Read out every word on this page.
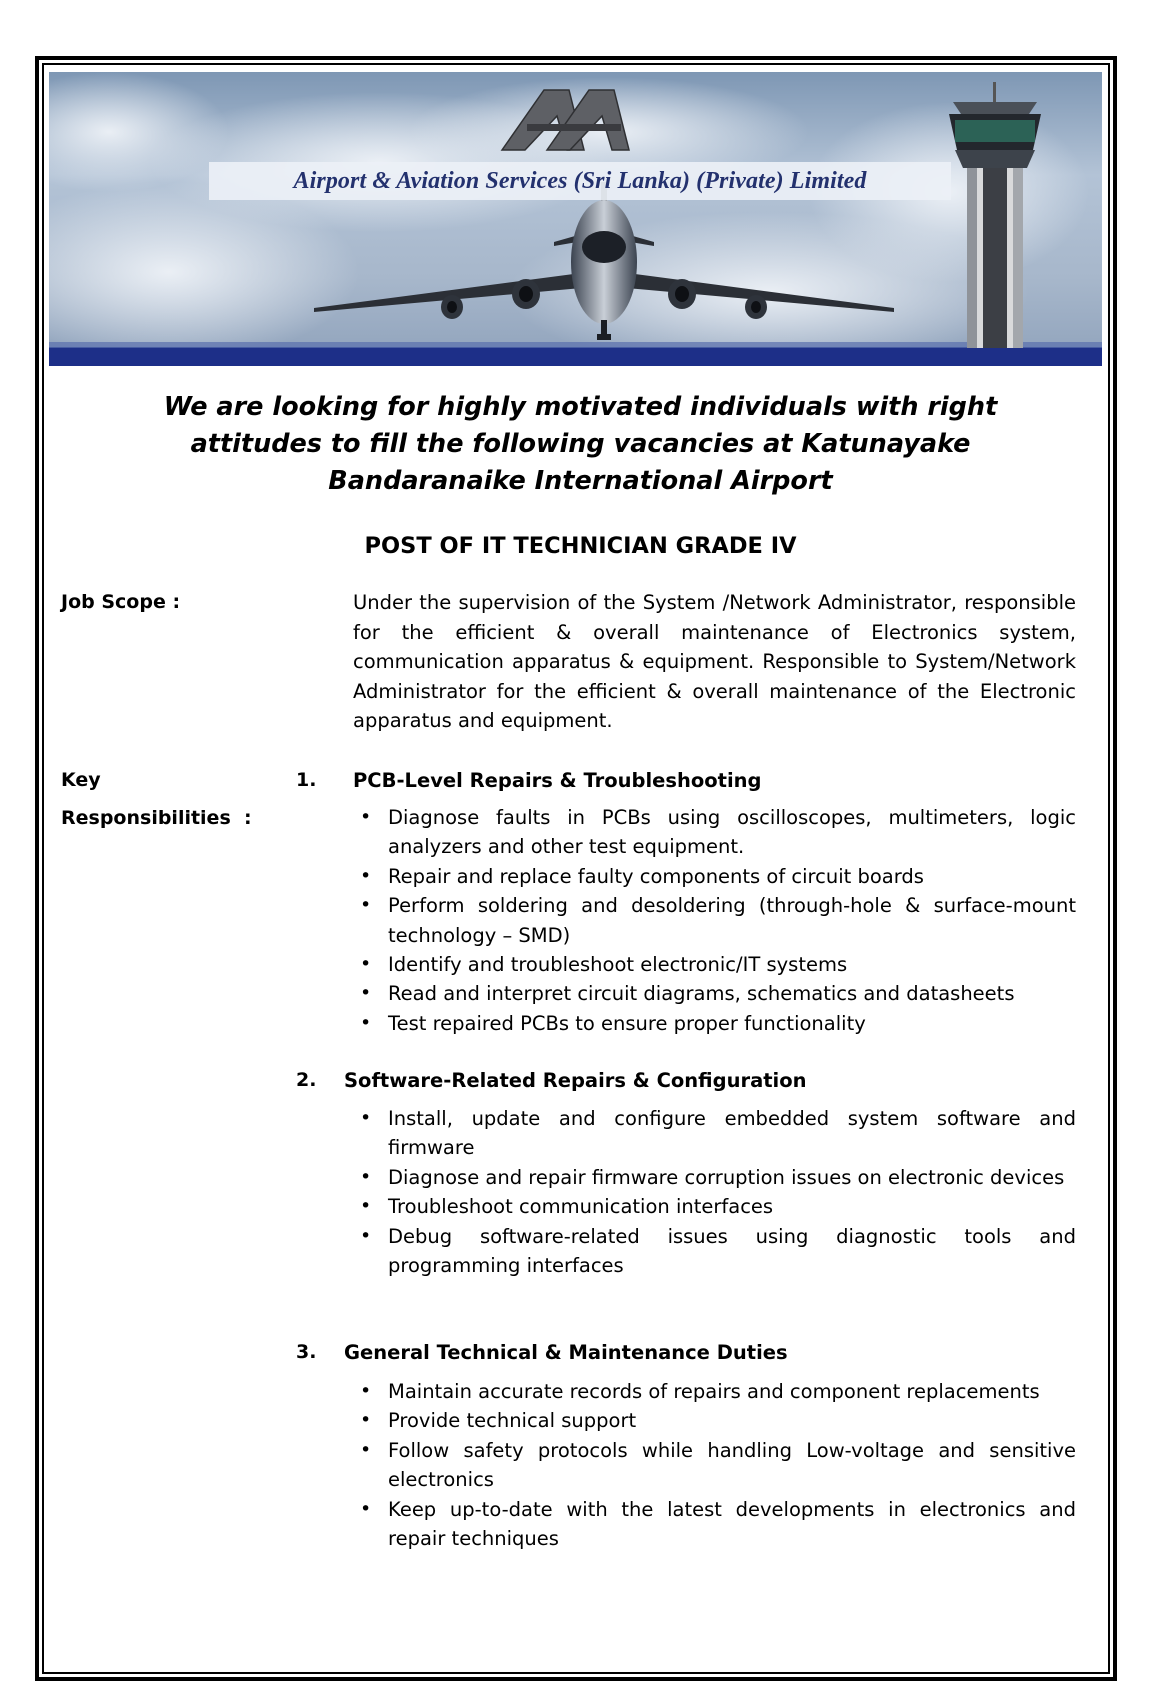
Airport & Aviation Services (Sri Lanka) (Private) Limited
We are looking for highly motivated individuals with right
attitudes to fill the following vacancies at Katunayake
Bandaranaike International Airport
POST OF IT TECHNICIAN GRADE IV
Job Scope :	Under the supervision of the System /Network Administrator, responsible for the efficient & overall maintenance of Electronics system, communication apparatus & equipment. Responsible to System/Network Administrator for the efficient & overall maintenance of the Electronic apparatus and equipment.
Key
Responsibilities  :
1. PCB-Level Repairs & Troubleshooting
• Diagnose faults in PCBs using oscilloscopes, multimeters, logic analyzers and other test equipment.
• Repair and replace faulty components of circuit boards
• Perform soldering and desoldering (through-hole & surface-mount technology – SMD)
• Identify and troubleshoot electronic/IT systems
• Read and interpret circuit diagrams, schematics and datasheets
• Test repaired PCBs to ensure proper functionality
2. Software-Related Repairs & Configuration
• Install, update and configure embedded system software and firmware
• Diagnose and repair firmware corruption issues on electronic devices
• Troubleshoot communication interfaces
• Debug software-related issues using diagnostic tools and programming interfaces
3. General Technical & Maintenance Duties
• Maintain accurate records of repairs and component replacements
• Provide technical support
• Follow safety protocols while handling Low-voltage and sensitive electronics
• Keep up-to-date with the latest developments in electronics and repair techniques
